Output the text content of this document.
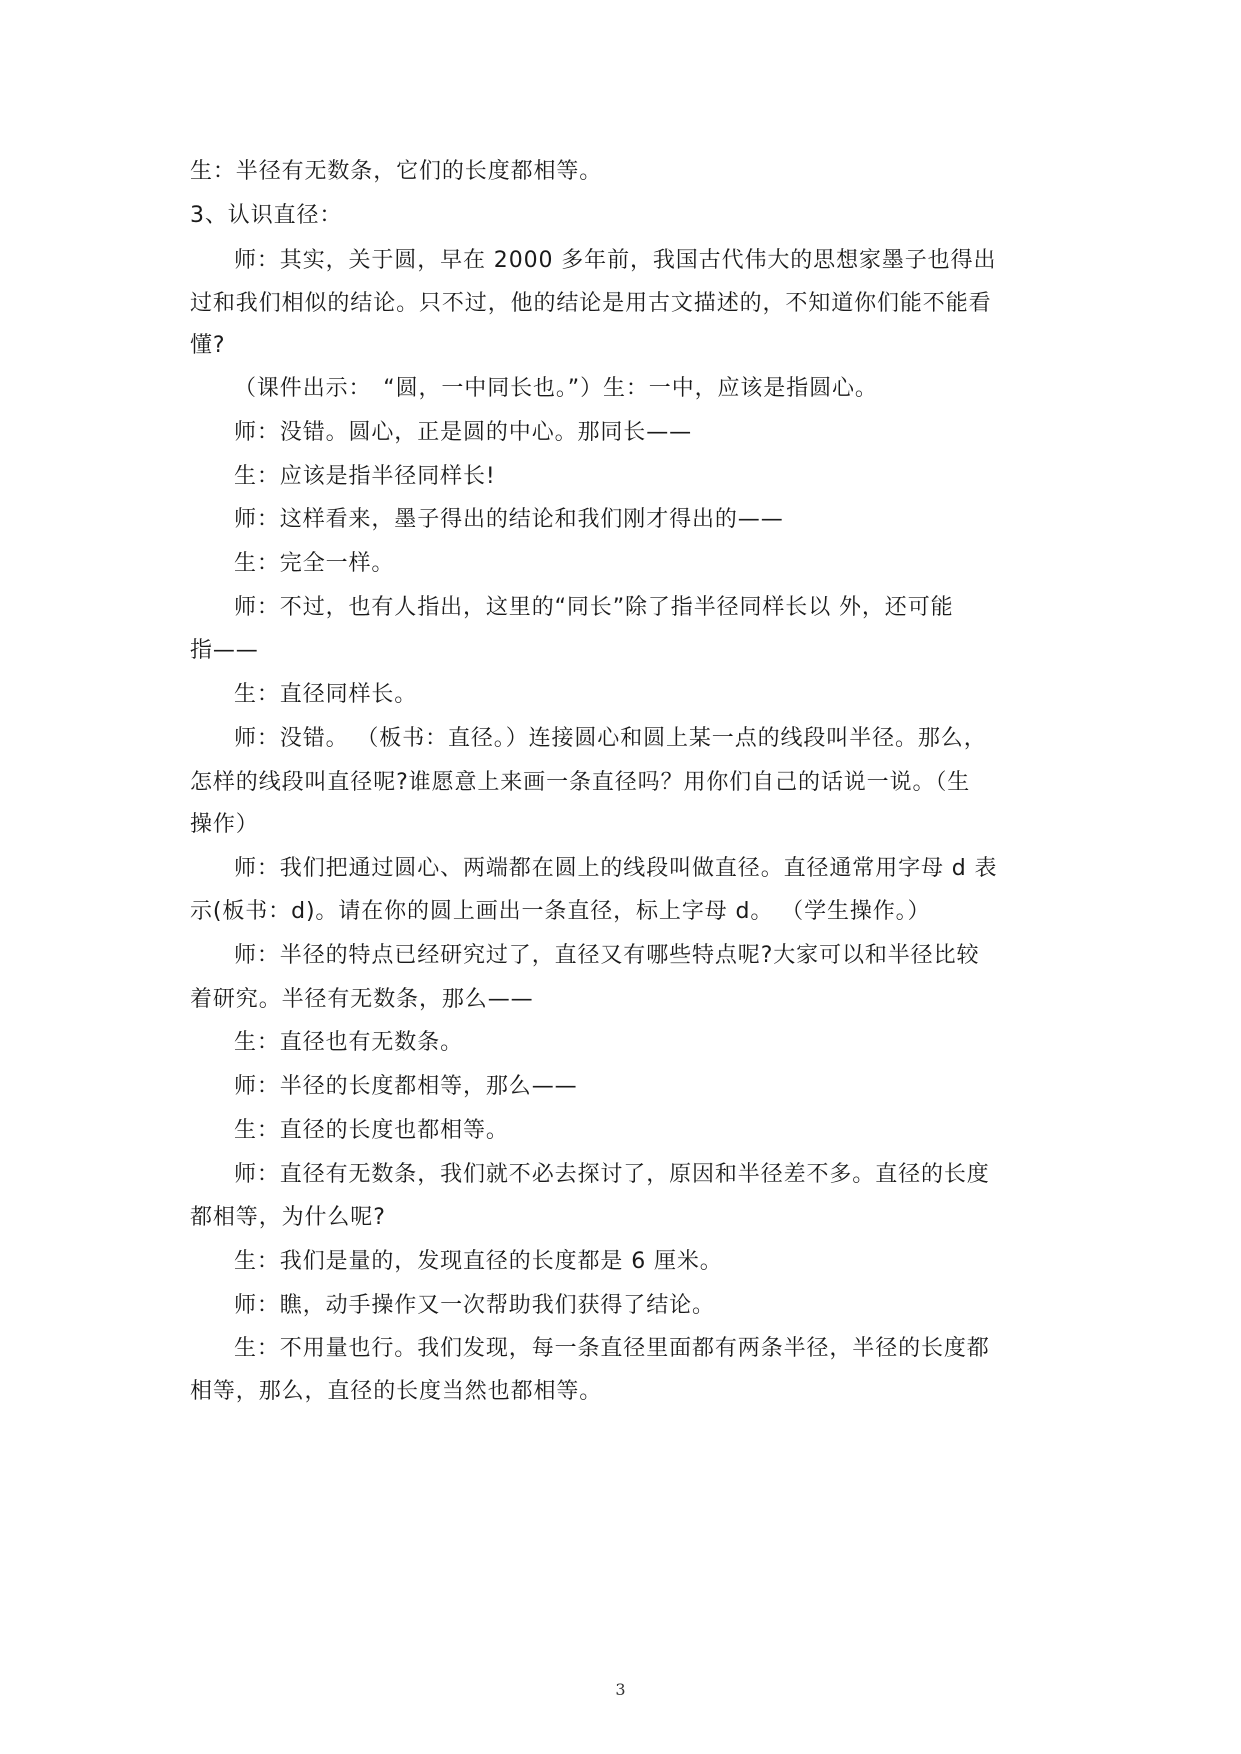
生：半径有无数条，它们的长度都相等。
3、认识直径：
师：其实，关于圆，早在 2000 多年前，我国古代伟大的思想家墨子也得出
过和我们相似的结论。只不过，他的结论是用古文描述的，不知道你们能不能看
懂?
（课件出示：　“圆，一中同长也。”）生：一中，应该是指圆心。
师：没错。圆心，正是圆的中心。那同长——
生：应该是指半径同样长!
师：这样看来，墨子得出的结论和我们刚才得出的——
生：完全一样。
师：不过，也有人指出，这里的“同长”除了指半径同样长以 外，还可能
指——
生：直径同样长。
师：没错。 （板书：直径。）连接圆心和圆上某一点的线段叫半径。那么，
怎样的线段叫直径呢?谁愿意上来画一条直径吗？用你们自己的话说一说。（生
操作）
师：我们把通过圆心、两端都在圆上的线段叫做直径。直径通常用字母 d 表
示(板书：d)。请在你的圆上画出一条直径，标上字母 d。 （学生操作。）
师：半径的特点已经研究过了，直径又有哪些特点呢?大家可以和半径比较
着研究。半径有无数条，那么——
生：直径也有无数条。
师：半径的长度都相等，那么——
生：直径的长度也都相等。
师：直径有无数条，我们就不必去探讨了，原因和半径差不多。直径的长度
都相等，为什么呢?
生：我们是量的，发现直径的长度都是 6 厘米。
师：瞧，动手操作又一次帮助我们获得了结论。
生：不用量也行。我们发现，每一条直径里面都有两条半径，半径的长度都
相等，那么，直径的长度当然也都相等。
3
